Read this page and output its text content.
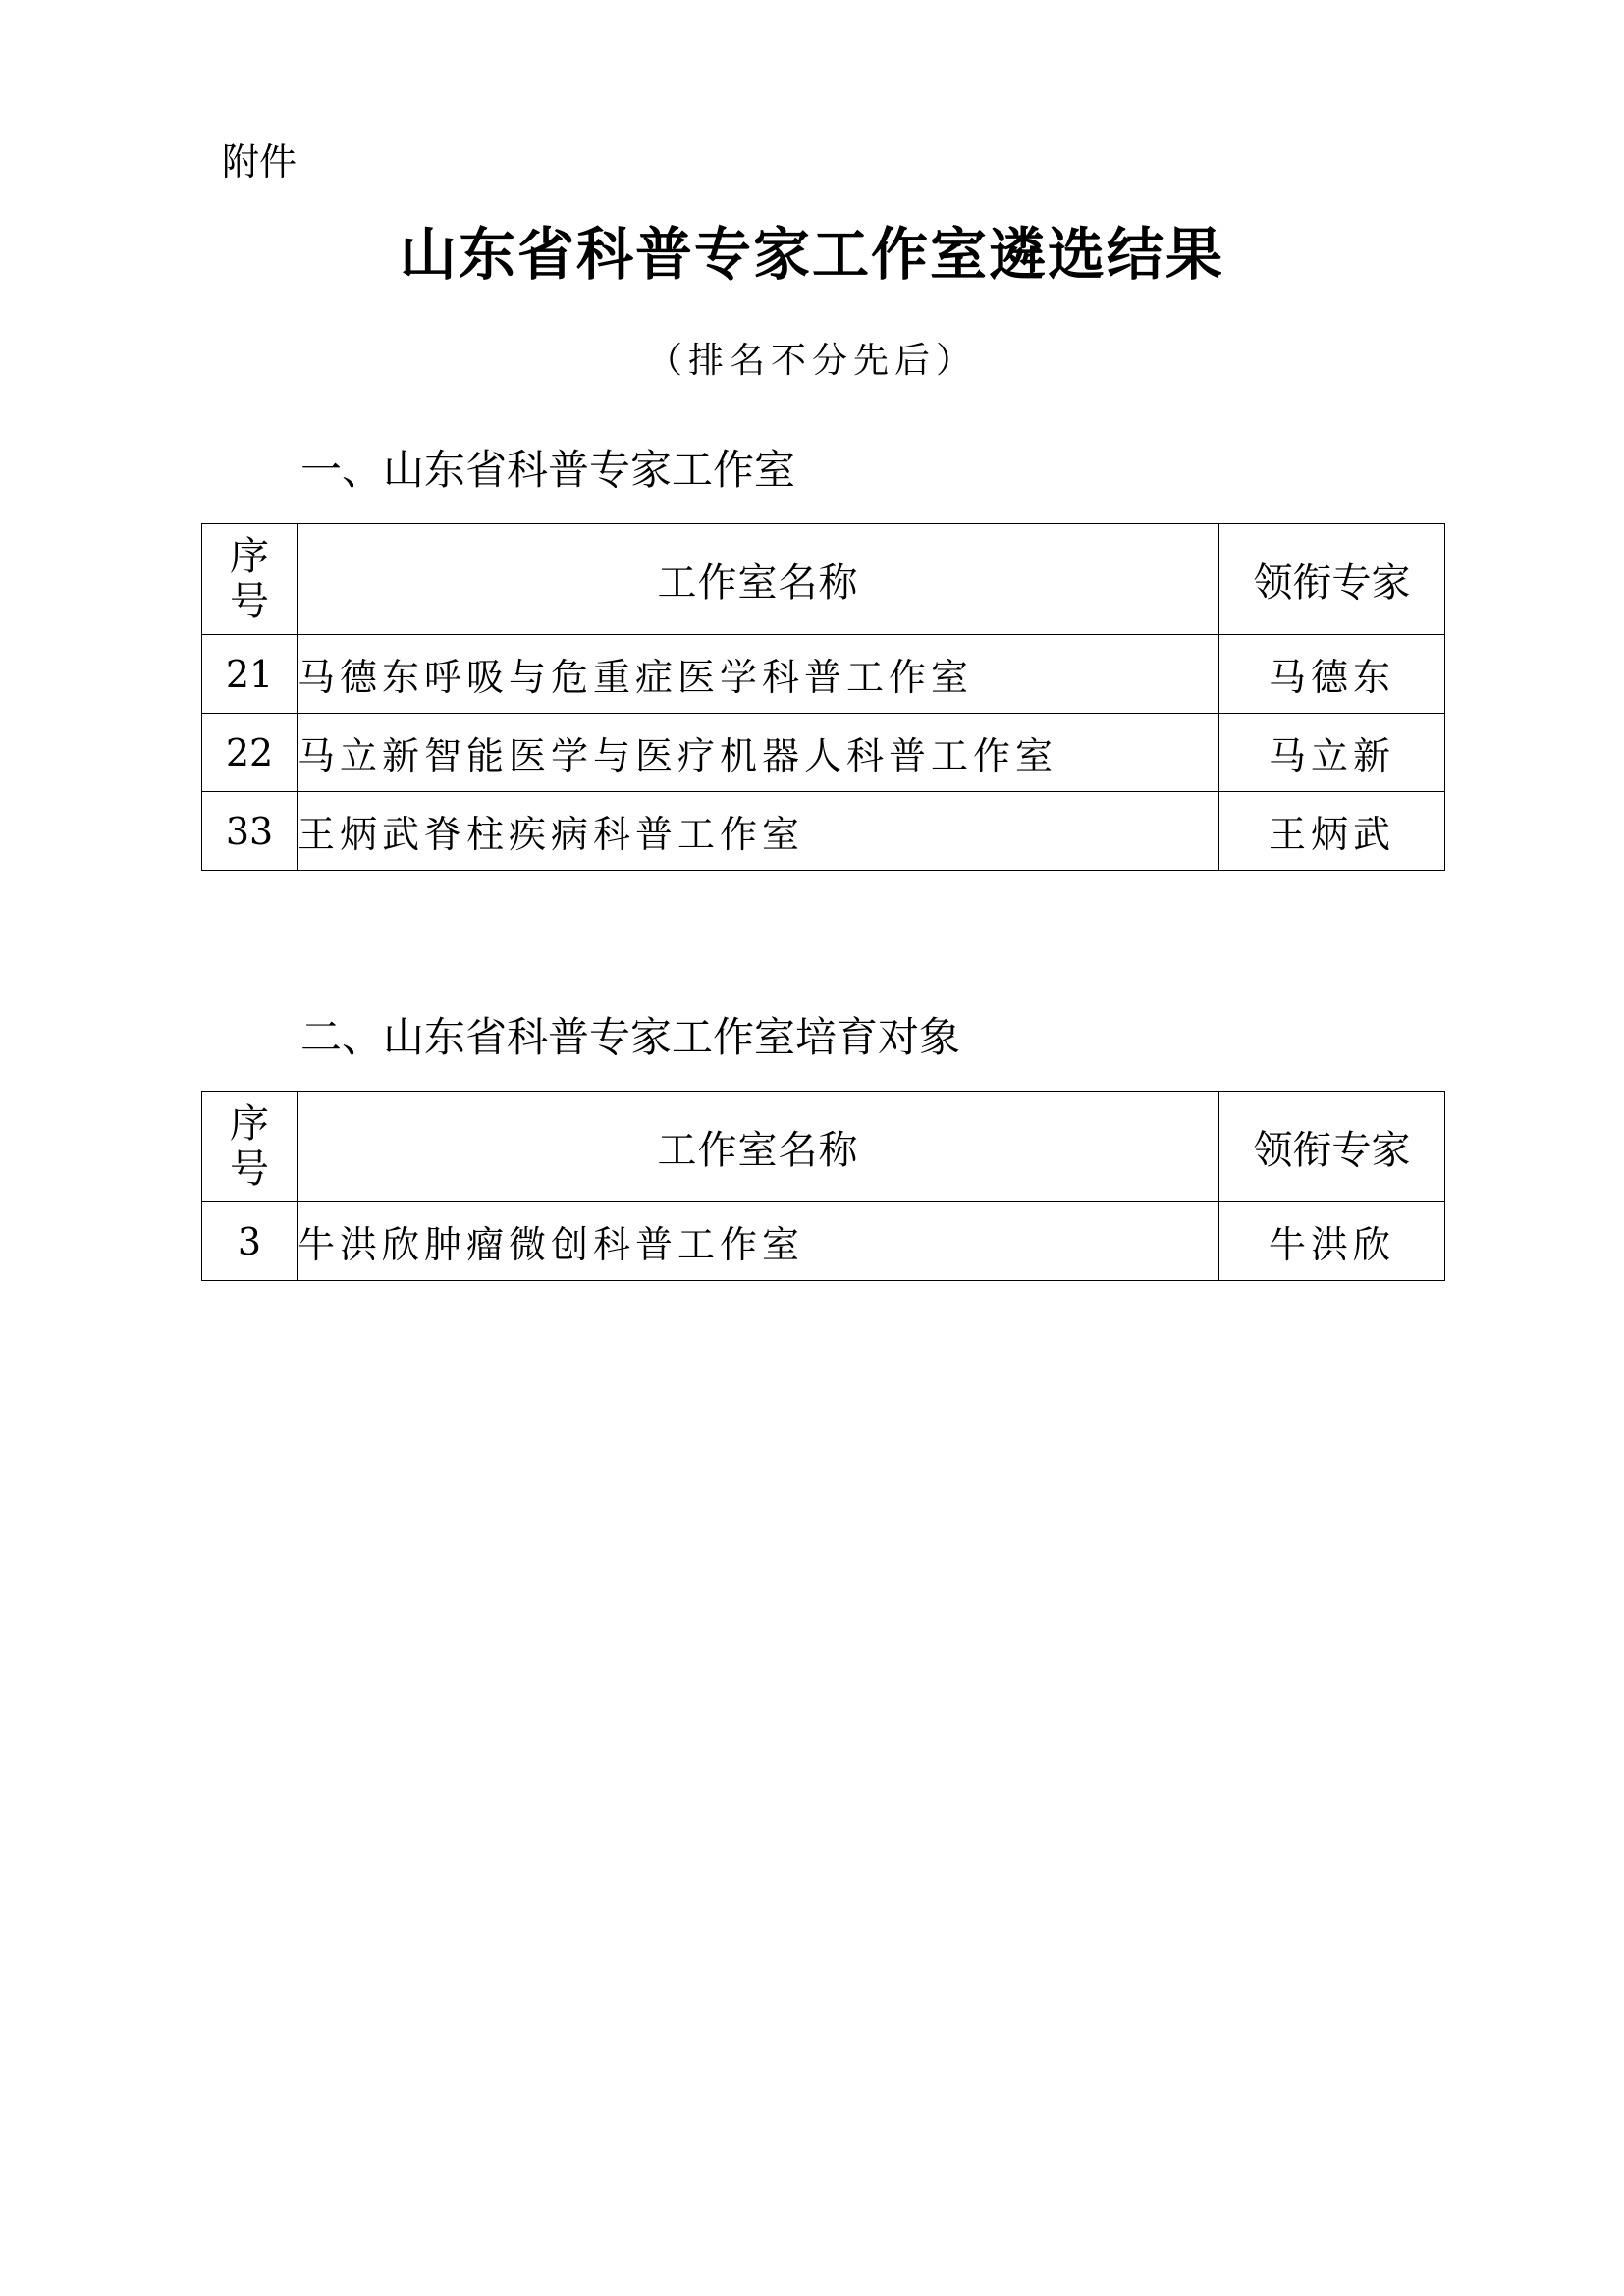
附件
山东省科普专家工作室遴选结果
（排名不分先后）
一、山东省科普专家工作室
序
号	工作室名称	领衔专家
21	马德东呼吸与危重症医学科普工作室	马德东
22	马立新智能医学与医疗机器人科普工作室	马立新
33	王炳武脊柱疾病科普工作室	王炳武
二、山东省科普专家工作室培育对象
序
号	工作室名称	领衔专家
3	牛洪欣肿瘤微创科普工作室	牛洪欣
